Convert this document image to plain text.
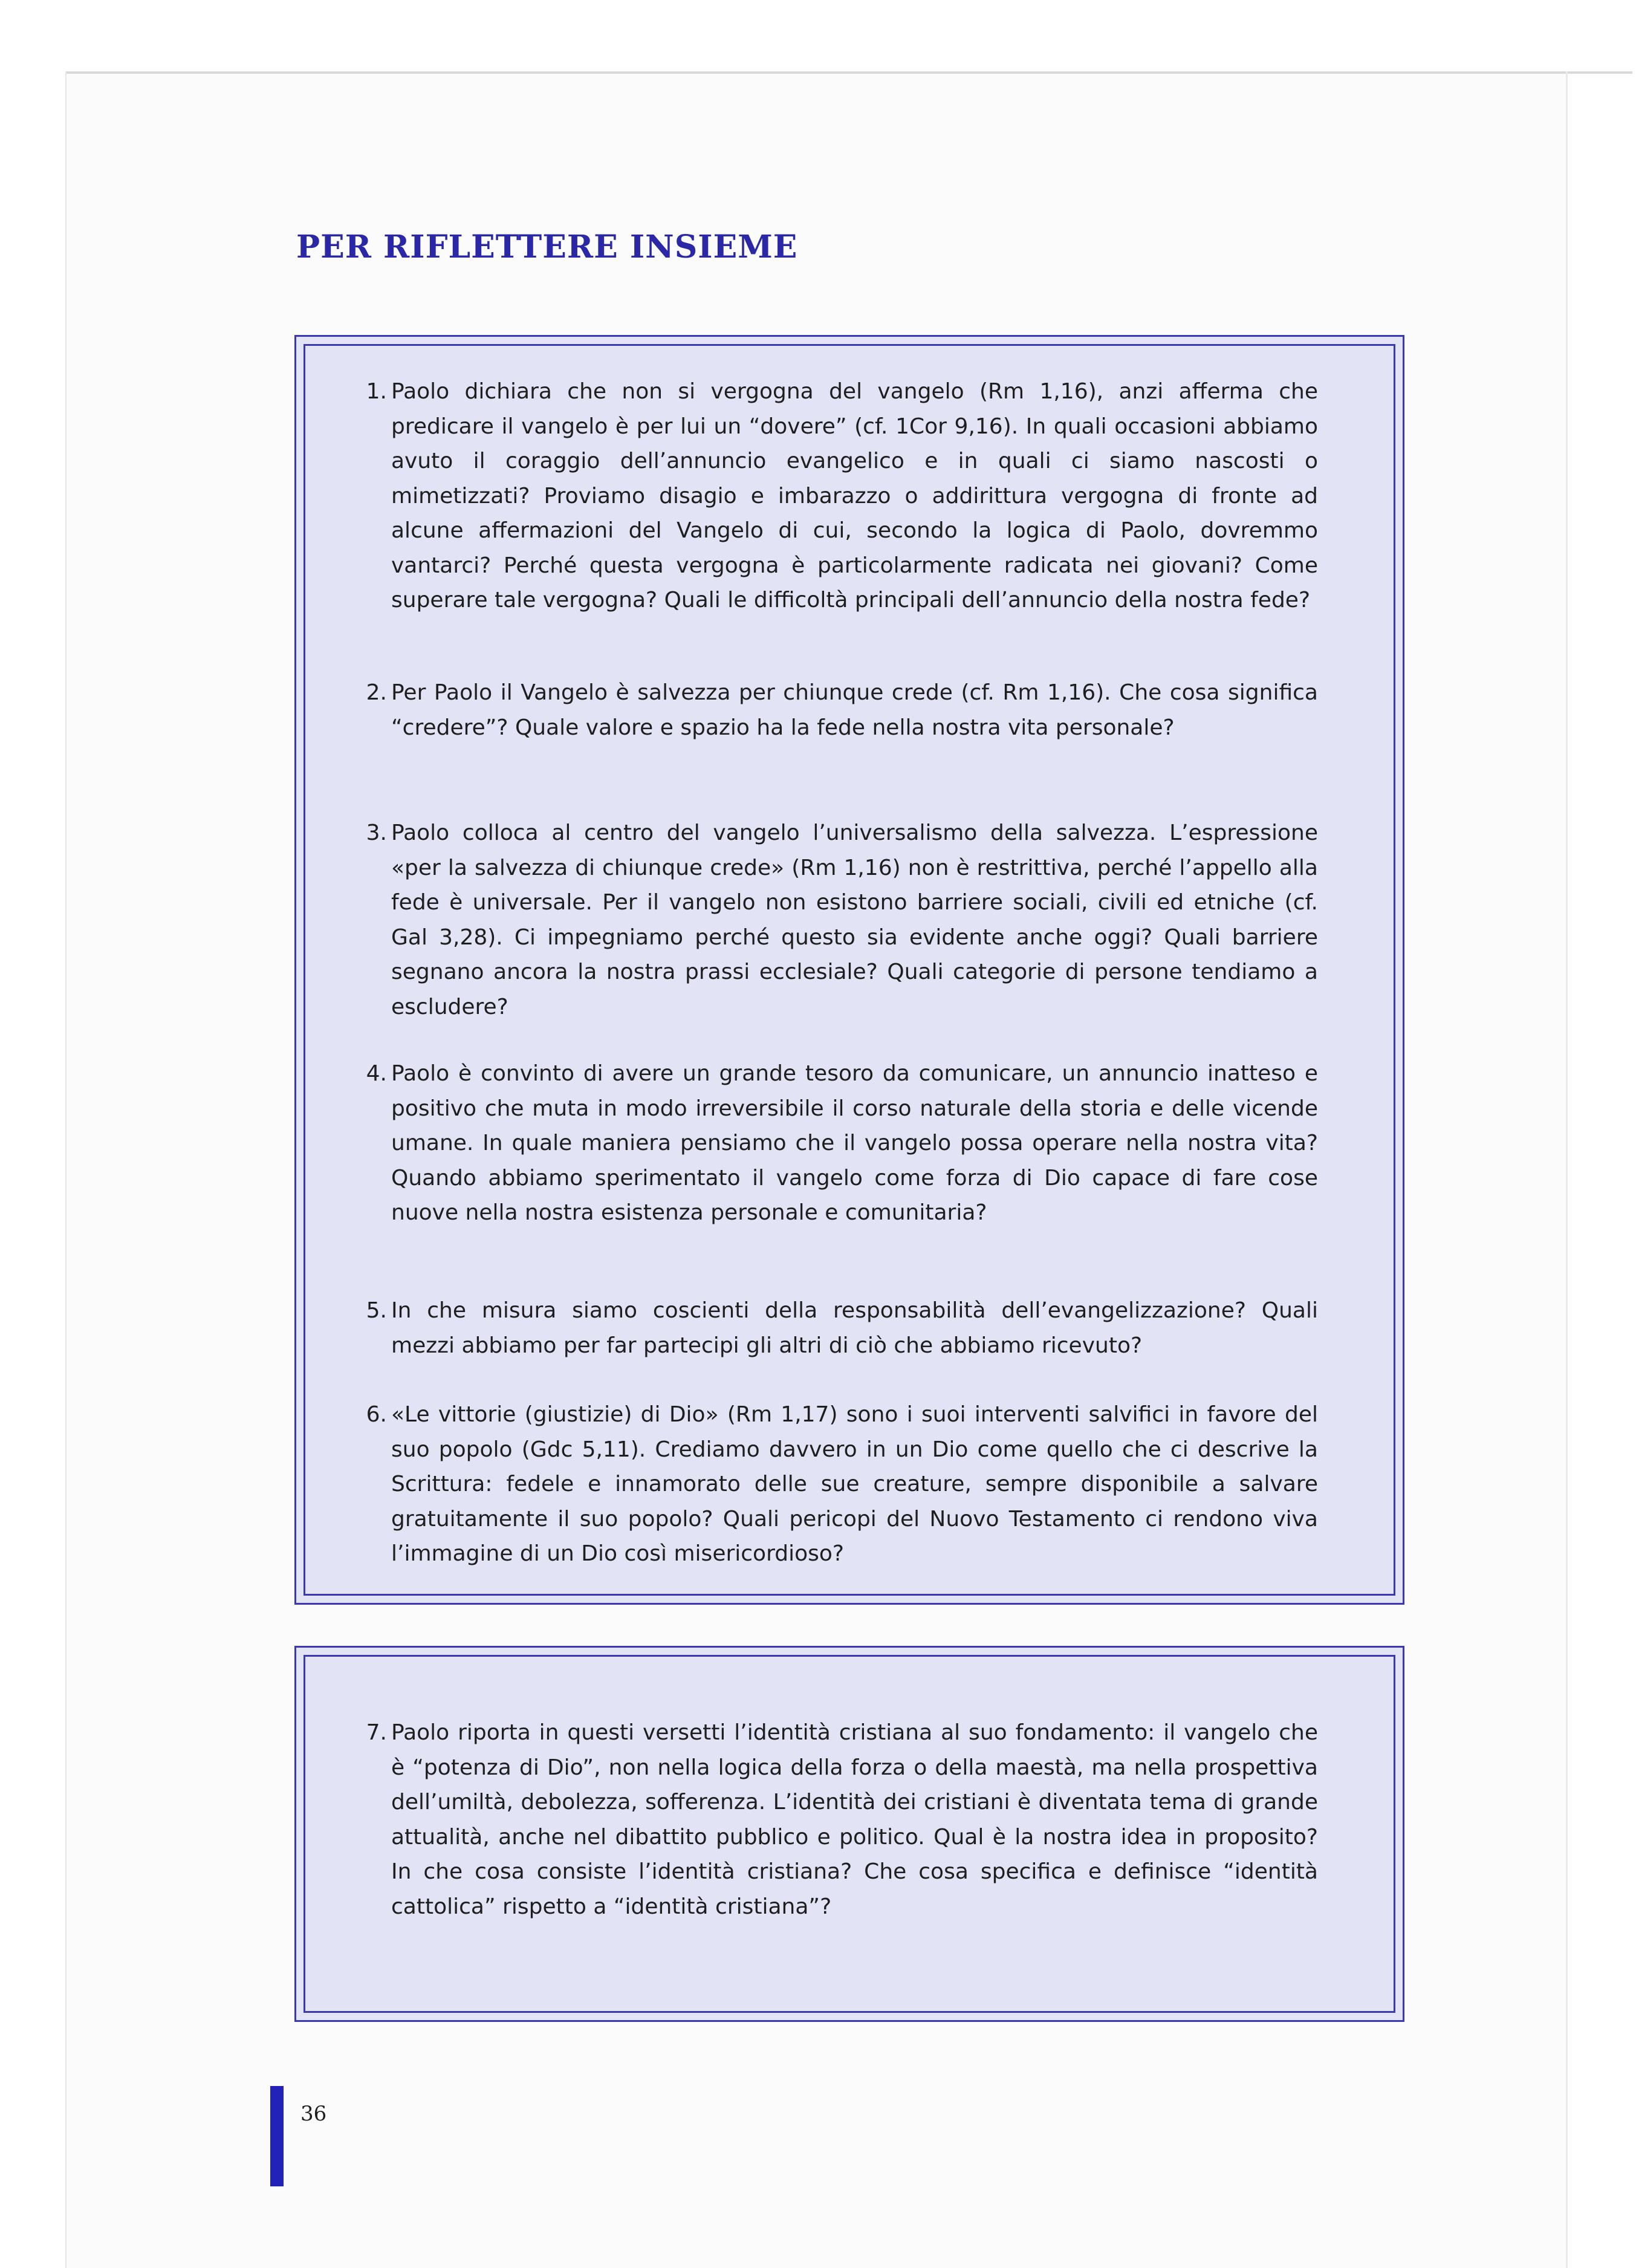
PER RIFLETTERE INSIEME
1. Paolo dichiara che non si vergogna del vangelo (Rm 1,16), anzi afferma che predicare il vangelo è per lui un “dovere” (cf. 1Cor 9,16). In quali occasioni abbiamo avuto il coraggio dell’annuncio evangelico e in quali ci siamo nascosti o mimetizzati? Proviamo disagio e imbarazzo o addirittura vergogna di fronte ad alcune affermazioni del Vangelo di cui, secondo la logica di Paolo, dovremmo vantarci? Perché questa vergogna è particolarmente radicata nei giovani? Come superare tale vergogna? Quali le difficoltà principali dell’annuncio della nostra fede?

2. Per Paolo il Vangelo è salvezza per chiunque crede (cf. Rm 1,16). Che cosa significa “credere”? Quale valore e spazio ha la fede nella nostra vita personale?

3. Paolo colloca al centro del vangelo l’universalismo della salvezza. L’espressione «per la salvezza di chiunque crede» (Rm 1,16) non è restrittiva, perché l’appello alla fede è universale. Per il vangelo non esistono barriere sociali, civili ed etniche (cf. Gal 3,28). Ci impegniamo perché questo sia evidente anche oggi? Quali barriere segnano ancora la nostra prassi ecclesiale? Quali categorie di persone tendiamo a escludere?

4. Paolo è convinto di avere un grande tesoro da comunicare, un annuncio inatteso e positivo che muta in modo irreversibile il corso naturale della storia e delle vicende umane. In quale maniera pensiamo che il vangelo possa operare nella nostra vita? Quando abbiamo sperimentato il vangelo come forza di Dio capace di fare cose nuove nella nostra esistenza personale e comunitaria?

5. In che misura siamo coscienti della responsabilità dell’evangelizzazione? Quali mezzi abbiamo per far partecipi gli altri di ciò che abbiamo ricevuto?

6. «Le vittorie (giustizie) di Dio» (Rm 1,17) sono i suoi interventi salvifici in favore del suo popolo (Gdc 5,11). Crediamo davvero in un Dio come quello che ci descrive la Scrittura: fedele e innamorato delle sue creature, sempre disponibile a salvare gratuitamente il suo popolo? Quali pericopi del Nuovo Testamento ci rendono viva l’immagine di un Dio così misericordioso?

7. Paolo riporta in questi versetti l’identità cristiana al suo fondamento: il vangelo che è “potenza di Dio”, non nella logica della forza o della maestà, ma nella prospettiva dell’umiltà, debolezza, sofferenza. L’identità dei cristiani è diventata tema di grande attualità, anche nel dibattito pubblico e politico. Qual è la nostra idea in proposito? In che cosa consiste l’identità cristiana? Che cosa specifica e definisce “identità cattolica” rispetto a “identità cristiana”?

36
